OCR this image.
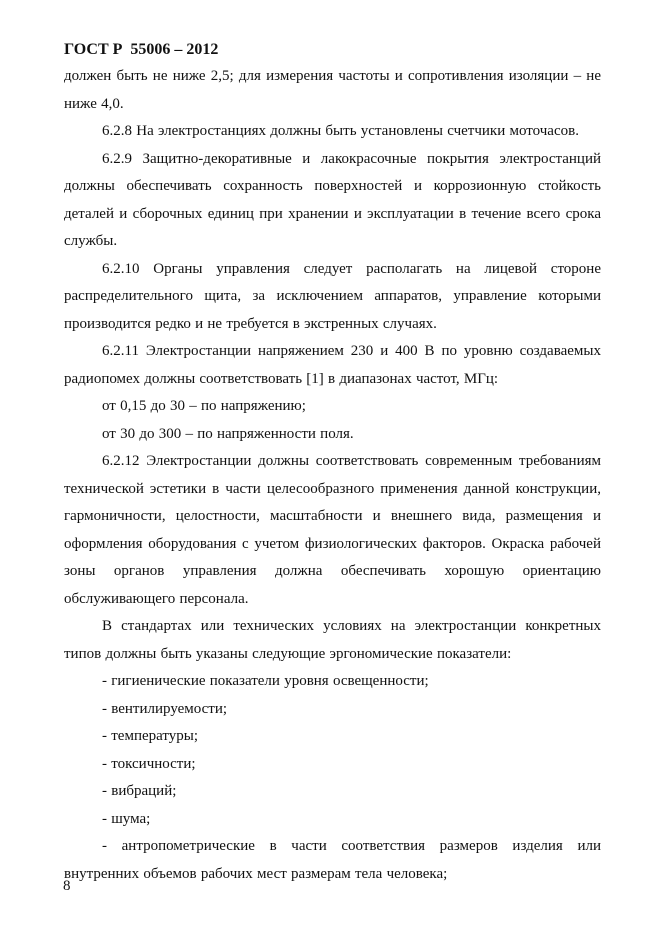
ГОСТ Р  55006 – 2012

должен быть не ниже 2,5; для измерения частоты и сопротивления изоляции – не ниже 4,0.

6.2.8 На электростанциях должны быть установлены счетчики моточасов.

6.2.9 Защитно-декоративные и лакокрасочные покрытия электростанций должны обеспечивать сохранность поверхностей и коррозионную стойкость деталей и сборочных единиц при хранении и эксплуатации в течение всего срока службы.

6.2.10 Органы управления следует располагать на лицевой стороне распределительного щита, за исключением аппаратов, управление которыми производится редко и не требуется в экстренных случаях.

6.2.11 Электростанции напряжением 230 и 400 В по уровню создаваемых радиопомех должны соответствовать [1] в диапазонах частот, МГц:

от 0,15 до 30 – по напряжению;

от 30 до 300 – по напряженности поля.

6.2.12 Электростанции должны соответствовать современным требованиям технической эстетики в части целесообразного применения данной конструкции, гармоничности, целостности, масштабности и внешнего вида, размещения и оформления оборудования с учетом физиологических факторов. Окраска рабочей зоны органов управления должна обеспечивать хорошую ориентацию обслуживающего персонала.

В стандартах или технических условиях на электростанции конкретных типов должны быть указаны следующие эргономические показатели:

- гигиенические показатели уровня освещенности;

- вентилируемости;

- температуры;

- токсичности;

- вибраций;

- шума;

- антропометрические в части соответствия размеров изделия или внутренних объемов рабочих мест размерам тела человека;

8
